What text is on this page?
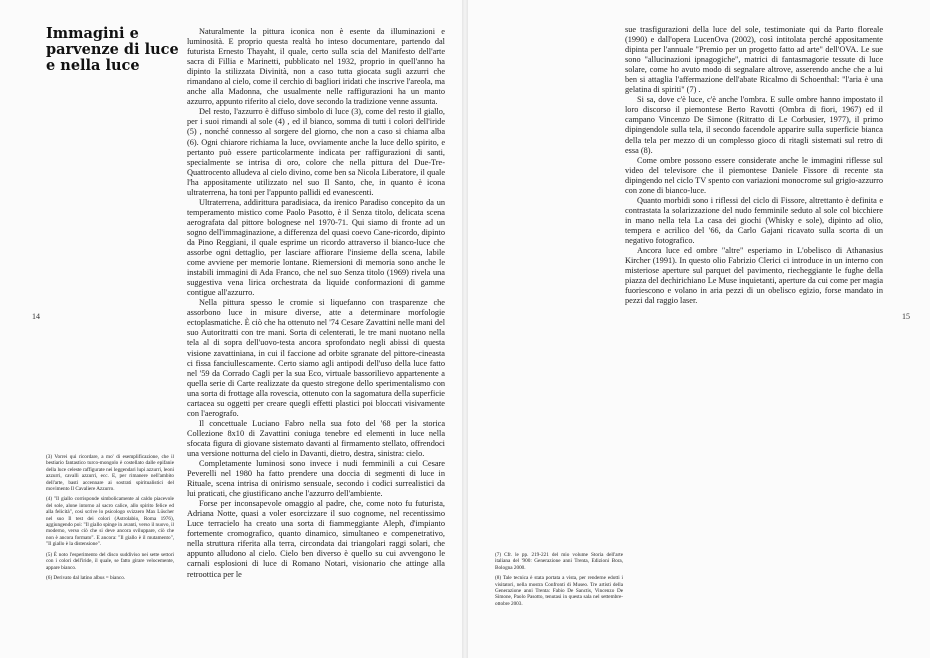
Immagini e parvenze di luce e nella luce

Naturalmente la pittura iconica non è esente da illuminazioni e luminosità. E proprio questa realtà ho inteso documentare, partendo dal futurista Ernesto Thayaht, il quale, certo sulla scia del Manifesto dell'arte sacra di Fillia e Marinetti, pubblicato nel 1932, proprio in quell'anno ha dipinto la stilizzata Divinità, non a caso tutta giocata sugli azzurri che rimandano al cielo, come il cerchio di bagliori iridati che inscrive l'areola, ma anche alla Madonna, che usualmente nelle raffigurazioni ha un manto azzurro, appunto riferito al cielo, dove secondo la tradizione venne assunta.

Del resto, l'azzurro è diffuso simbolo di luce (3), come del resto il giallo, per i suoi rimandi al sole (4) , ed il bianco, somma di tutti i colori dell'iride (5) , nonché connesso al sorgere del giorno, che non a caso si chiama alba (6). Ogni chiarore richiama la luce, ovviamente anche la luce dello spirito, e pertanto può essere particolarmente indicata per raffigurazioni di santi, specialmente se intrisa di oro, colore che nella pittura del Due-Tre-Quattrocento alludeva al cielo divino, come ben sa Nicola Liberatore, il quale l'ha appositamente utilizzato nel suo Il Santo, che, in quanto è icona ultraterrena, ha toni per l'appunto pallidi ed evanescenti.

Ultraterrena, addirittura paradisiaca, da irenico Paradiso concepito da un temperamento mistico come Paolo Pasotto, è il Senza titolo, delicata scena aerografata dal pittore bolognese nel 1970-71. Qui siamo di fronte ad un sogno dell'immaginazione, a differenza del quasi coevo Cane-ricordo, dipinto da Pino Reggiani, il quale esprime un ricordo attraverso il bianco-luce che assorbe ogni dettaglio, per lasciare affiorare l'insieme della scena, labile come avviene per memorie lontane. Riemersioni di memoria sono anche le instabili immagini di Ada Franco, che nel suo Senza titolo (1969) rivela una suggestiva vena lirica orchestrata da liquide conformazioni di gamme contigue all'azzurro.

Nella pittura spesso le cromie si liquefanno con trasparenze che assorbono luce in misure diverse, atte a determinare morfologie ectoplasmatiche. È ciò che ha ottenuto nel '74 Cesare Zavattini nelle mani del suo Autoritratti con tre mani. Sorta di celenterati, le tre mani nuotano nella tela al di sopra dell'uovo-testa ancora sprofondato negli abissi di questa visione zavattiniana, in cui il faccione ad orbite sgranate del pittore-cineasta ci fissa fanciullescamente. Certo siamo agli antipodi dell'uso della luce fatto nel '59 da Corrado Cagli per la sua Eco, virtuale bassorilievo appartenente a quella serie di Carte realizzate da questo stregone dello sperimentalismo con una sorta di frottage alla rovescia, ottenuto con la sagomatura della superficie cartacea su oggetti per creare quegli effetti plastici poi bloccati visivamente con l'aerografo.

Il concettuale Luciano Fabro nella sua foto del '68 per la storica Collezione 8x10 di Zavattini coniuga tenebre ed elementi in luce nella sfocata figura di giovane sistemato davanti al firmamento stellato, offrendoci una versione notturna del cielo in Davanti, dietro, destra, sinistra: cielo.

Completamente luminosi sono invece i nudi femminili a cui Cesare Peverelli nel 1980 ha fatto prendere una doccia di segmenti di luce in Rituale, scena intrisa di onirismo sensuale, secondo i codici surrealistici da lui praticati, che giustificano anche l'azzurro dell'ambiente.

Forse per inconsapevole omaggio al padre, che, come noto fu futurista, Adriana Notte, quasi a voler esorcizzare il suo cognome, nel recentissimo Luce terracielo ha creato una sorta di fiammeggiante Aleph, d'impianto fortemente cromografico, quanto dinamico, simultaneo e compenetrativo, nella struttura riferita alla terra, circondata dai triangolari raggi solari, che appunto alludono al cielo. Cielo ben diverso è quello su cui avvengono le carnali esplosioni di luce di Romano Notari, visionario che attinge alla retroottica per le

(3) Vorrei qui ricordare, a mo' di esemplificazione, che il bestiario fantastico turco-mongolo è costellato dalle epifanie della luce celeste raffigurate nei leggendari lupi azzurri, leoni azzurri, cavalli azzurri, ecc. E, per rimanere nell'ambito dell'arte, basti accennare ai sostrati spiritualistici del movimento Il Cavaliere Azzurro.

(4) "Il giallo corrisponde simbolicamente al caldo piacevole del sole, alone intorno al sacro calice, allo spirito felice ed alla felicità", così scrive lo psicologo svizzero Max Lüscher nel suo Il test dei colori (Astrolabio, Roma 1976), aggiungendo poi: "Il giallo spinge in avanti, verso il nuovo, il moderno, verso ciò che si deve ancora sviluppare, ciò che non è ancora formato". E ancora: "Il giallo è il mutamento", "Il giallo è la distensione".

(5) È noto l'esperimento del disco suddiviso nei sette settori con i colori dell'iride, il quale, se fatto girare velocemente, appare bianco.

(6) Derivato dal latino albus = bianco.

14

sue trasfigurazioni della luce del sole, testimoniate qui da Parto floreale (1990) e dall'opera LucenOva (2002), così intitolata perché appositamente dipinta per l'annuale "Premio per un progetto fatto ad arte" dell'OVA. Le sue sono "allucinazioni ipnagogiche", matrici di fantasmagorie tessute di luce solare, come ho avuto modo di segnalare altrove, asserendo anche che a lui ben si attaglia l'affermazione dell'abate Ricalmo di Schoenthal: "l'aria è una gelatina di spiriti" (7) .

Si sa, dove c'è luce, c'è anche l'ombra. E sulle ombre hanno impostato il loro discorso il piemontese Berto Ravotti (Ombra di fiori, 1967) ed il campano Vincenzo De Simone (Ritratto di Le Corbusier, 1977), il primo dipingendole sulla tela, il secondo facendole apparire sulla superficie bianca della tela per mezzo di un complesso gioco di ritagli sistemati sul retro di essa (8).

Come ombre possono essere considerate anche le immagini riflesse sul video del televisore che il piemontese Daniele Fissore di recente sta dipingendo nel ciclo TV spento con variazioni monocrome sul grigio-azzurro con zone di bianco-luce.

Quanto morbidi sono i riflessi del ciclo di Fissore, altrettanto è definita e contrastata la solarizzazione del nudo femminile seduto al sole col bicchiere in mano nella tela La casa dei giochi (Whisky e sole), dipinto ad olio, tempera e acrilico del '66, da Carlo Gajani ricavato sulla scorta di un negativo fotografico.

Ancora luce ed ombre "altre" esperiamo in L'obelisco di Athanasius Kircher (1991). In questo olio Fabrizio Clerici ci introduce in un interno con misteriose aperture sul parquet del pavimento, riecheggiante le fughe della piazza del dechirichiano Le Muse inquietanti, aperture da cui come per magia fuoriescono e volano in aria pezzi di un obelisco egizio, forse mandato in pezzi dal raggio laser.

(7) Cfr. le pp. 219-221 del mio volume Storia dell'arte italiana del '900: Generazione anni Trenta, Edizioni Bora, Bologna 2000.

(8) Tale tecnica è stata portata a vista, per renderne edotti i visitatori, nella mostra Confronti di Museo. Tre artisti della Generazione anni Trenta: Fabio De Sanctis, Vincenzo De Simone, Paolo Pasotto, tenutasi in questa sala nel settembre-ottobre 2003.

15
